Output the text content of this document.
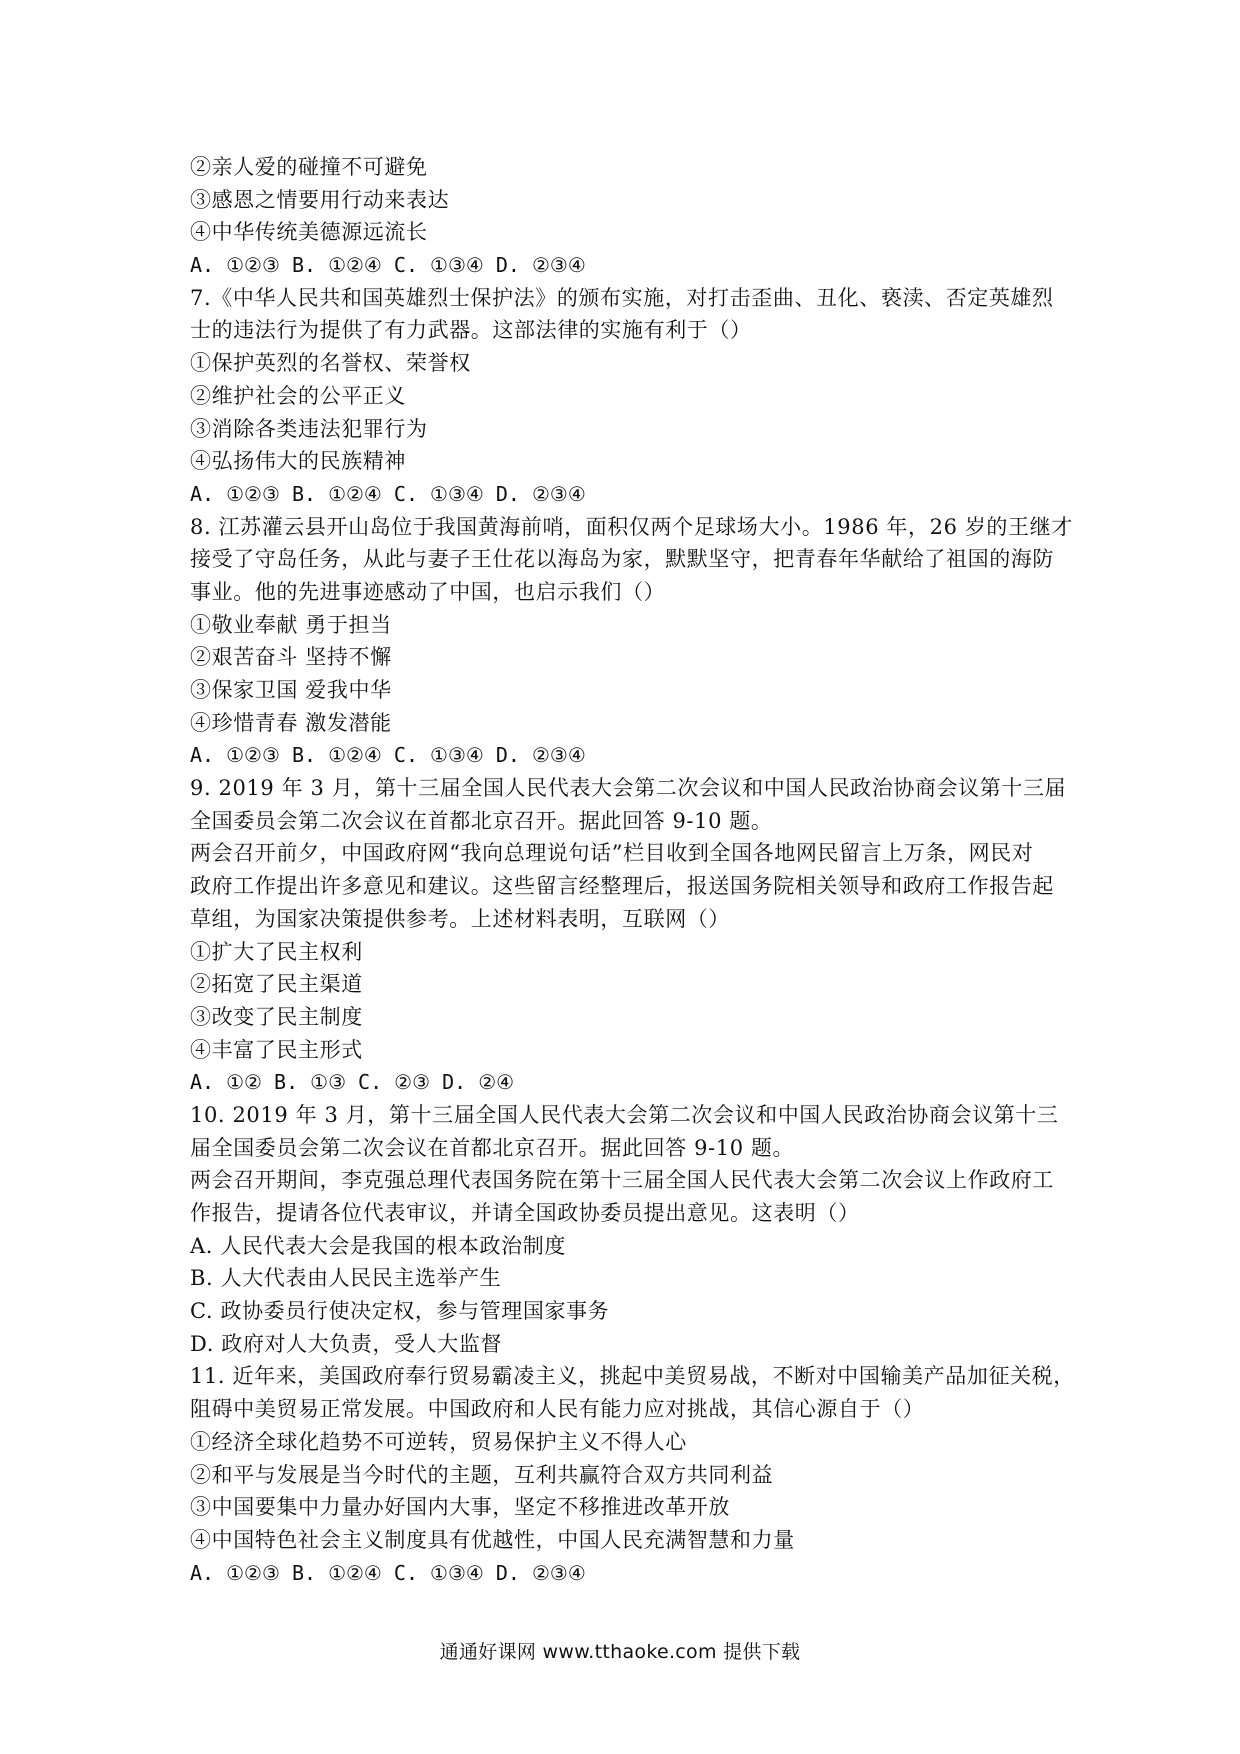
②亲人爱的碰撞不可避免
③感恩之情要用行动来表达
④中华传统美德源远流长
A. ①②③ B. ①②④ C. ①③④ D. ②③④
7.《中华人民共和国英雄烈士保护法》的颁布实施，对打击歪曲、丑化、亵渎、否定英雄烈
士的违法行为提供了有力武器。这部法律的实施有利于（）
①保护英烈的名誉权、荣誉权
②维护社会的公平正义
③消除各类违法犯罪行为
④弘扬伟大的民族精神
A. ①②③ B. ①②④ C. ①③④ D. ②③④
8. 江苏灌云县开山岛位于我国黄海前哨，面积仅两个足球场大小。1986 年，26 岁的王继才
接受了守岛任务，从此与妻子王仕花以海岛为家，默默坚守，把青春年华献给了祖国的海防
事业。他的先进事迹感动了中国，也启示我们（）
①敬业奉献 勇于担当
②艰苦奋斗 坚持不懈
③保家卫国 爱我中华
④珍惜青春 激发潜能
A. ①②③ B. ①②④ C. ①③④ D. ②③④
9. 2019 年 3 月，第十三届全国人民代表大会第二次会议和中国人民政治协商会议第十三届
全国委员会第二次会议在首都北京召开。据此回答 9-10 题。
两会召开前夕，中国政府网“我向总理说句话”栏目收到全国各地网民留言上万条，网民对
政府工作提出许多意见和建议。这些留言经整理后，报送国务院相关领导和政府工作报告起
草组，为国家决策提供参考。上述材料表明，互联网（）
①扩大了民主权利
②拓宽了民主渠道
③改变了民主制度
④丰富了民主形式
A. ①② B. ①③ C. ②③ D. ②④
10. 2019 年 3 月，第十三届全国人民代表大会第二次会议和中国人民政治协商会议第十三
届全国委员会第二次会议在首都北京召开。据此回答 9-10 题。
两会召开期间，李克强总理代表国务院在第十三届全国人民代表大会第二次会议上作政府工
作报告，提请各位代表审议，并请全国政协委员提出意见。这表明（）
A. 人民代表大会是我国的根本政治制度
B. 人大代表由人民民主选举产生
C. 政协委员行使决定权，参与管理国家事务
D. 政府对人大负责，受人大监督
11. 近年来，美国政府奉行贸易霸凌主义，挑起中美贸易战，不断对中国输美产品加征关税，
阻碍中美贸易正常发展。中国政府和人民有能力应对挑战，其信心源自于（）
①经济全球化趋势不可逆转，贸易保护主义不得人心
②和平与发展是当今时代的主题，互利共赢符合双方共同利益
③中国要集中力量办好国内大事，坚定不移推进改革开放
④中国特色社会主义制度具有优越性，中国人民充满智慧和力量
A. ①②③ B. ①②④ C. ①③④ D. ②③④
通通好课网 www.tthaoke.com 提供下载
